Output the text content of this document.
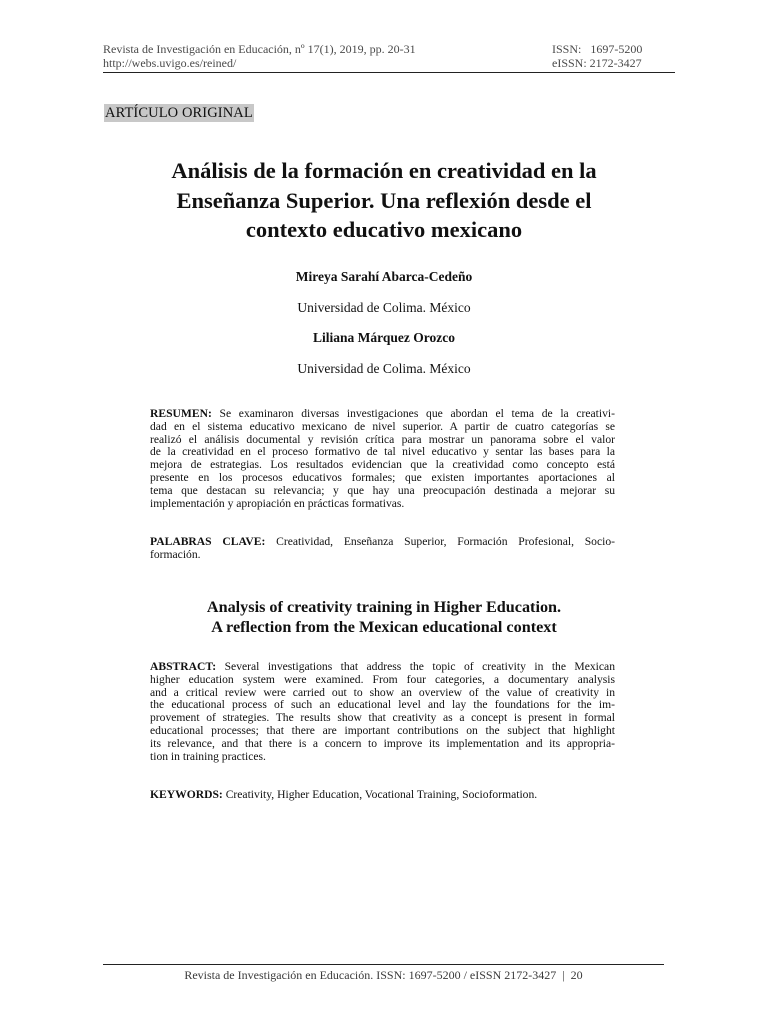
Revista de Investigación en Educación, nº 17(1), 2019, pp. 20-31
http://webs.uvigo.es/reined/
ISSN:   1697-5200
eISSN: 2172-3427
ARTÍCULO ORIGINAL
Análisis de la formación en creatividad en la
Enseñanza Superior. Una reflexión desde el
contexto educativo mexicano

Mireya Sarahí Abarca-Cedeño

Universidad de Colima. México

Liliana Márquez Orozco

Universidad de Colima. México

RESUMEN: Se examinaron diversas investigaciones que abordan el tema de la creativi-
dad en el sistema educativo mexicano de nivel superior. A partir de cuatro categorías se
realizó el análisis documental y revisión crítica para mostrar un panorama sobre el valor
de la creatividad en el proceso formativo de tal nivel educativo y sentar las bases para la
mejora de estrategias. Los resultados evidencian que la creatividad como concepto está
presente en los procesos educativos formales; que existen importantes aportaciones al
tema que destacan su relevancia; y que hay una preocupación destinada a mejorar su
implementación y apropiación en prácticas formativas.
PALABRAS CLAVE: Creatividad, Enseñanza Superior, Formación Profesional, Socio-
formación.
Analysis of creativity training in Higher Education.
A reflection from the Mexican educational context
ABSTRACT: Several investigations that address the topic of creativity in the Mexican
higher education system were examined. From four categories, a documentary analysis
and a critical review were carried out to show an overview of the value of creativity in
the educational process of such an educational level and lay the foundations for the im-
provement of strategies. The results show that creativity as a concept is present in formal
educational processes; that there are important contributions on the subject that highlight
its relevance, and that there is a concern to improve its implementation and its appropria-
tion in training practices.
KEYWORDS: Creativity, Higher Education, Vocational Training, Socioformation.
Revista de Investigación en Educación. ISSN: 1697-5200 / eISSN 2172-3427 | 20
